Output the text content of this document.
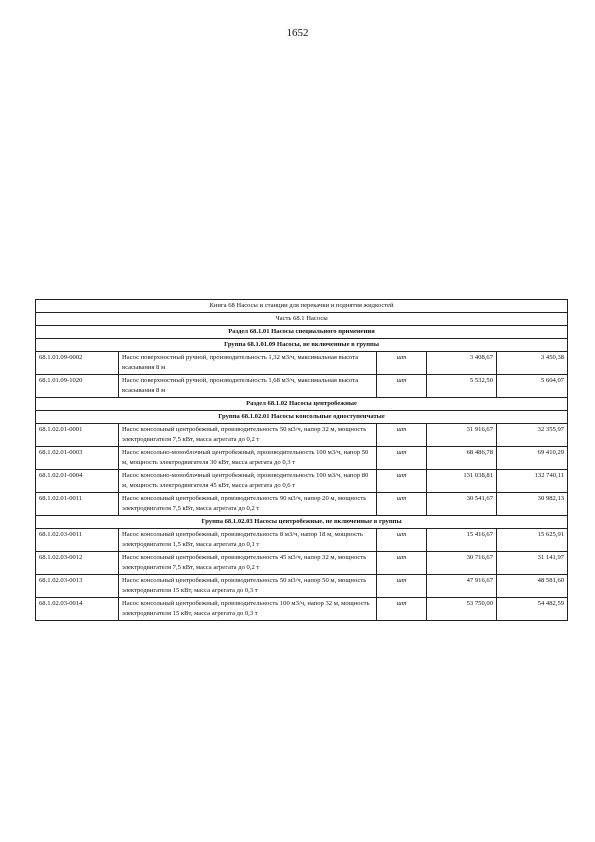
1652
Книга 68 Насосы и станции для перекачки и поднятия жидкостей				
Часть 68.1 Насосы				
Раздел 68.1.01 Насосы специального применения				
Группа 68.1.01.09 Насосы, не включенные в группы				
68.1.01.09-0002	Насос поверхностный ручной, производительность 1,32 м3/ч, максимальная высота всасывания 8 м	шт	3 408,67	3 450,38
68.1.01.09-1020	Насос поверхностный ручной, производительность 1,68 м3/ч, максимальная высота всасывания 8 м	шт	5 532,50	5 604,07
Раздел 68.1.02 Насосы центробежные				
Группа 68.1.02.01 Насосы консольные одноступенчатые				
68.1.02.01-0001	Насос консольный центробежный, производительность 50 м3/ч, напор 32 м, мощность электродвигателя 7,5 кВт, масса агрегата до 0,2 т	шт	31 916,67	32 355,97
68.1.02.01-0003	Насос консольно-моноблочный центробежный, производительность 100 м3/ч, напор 50 м, мощность электродвигателя 30 кВт, масса агрегата до 0,3 т	шт	68 486,78	69 410,29
68.1.02.01-0004	Насос консольно-моноблочный центробежный, производительность 100 м3/ч, напор 80 м, мощность электродвигателя 45 кВт, масса агрегата до 0,6 т	шт	131 038,81	132 740,11
68.1.02.01-0011	Насос консольный центробежный, производительность 90 м3/ч, напор 20 м, мощность электродвигателя 7,5 кВт, масса агрегата до 0,2 т	шт	30 541,67	30 982,13
Группа 68.1.02.03 Насосы центробежные, не включенные в группы				
68.1.02.03-0011	Насос консольный центробежный, производительность 8 м3/ч, напор 18 м, мощность электродвигателя 1,5 кВт, масса агрегата до 0,1 т	шт	15 416,67	15 625,91
68.1.02.03-0012	Насос консольный центробежный, производительность 45 м3/ч, напор 32 м, мощность электродвигателя 7,5 кВт, масса агрегата до 0,2 т	шт	30 716,67	31 141,97
68.1.02.03-0013	Насос консольный центробежный, производительность 50 м3/ч, напор 50 м, мощность электродвигателя 15 кВт, масса агрегата до 0,3 т	шт	47 916,67	48 581,60
68.1.02.03-0014	Насос консольный центробежный, производительность 100 м3/ч, напор 32 м, мощность электродвигателя 15 кВт, масса агрегата до 0,3 т	шт	53 750,00	54 482,59
